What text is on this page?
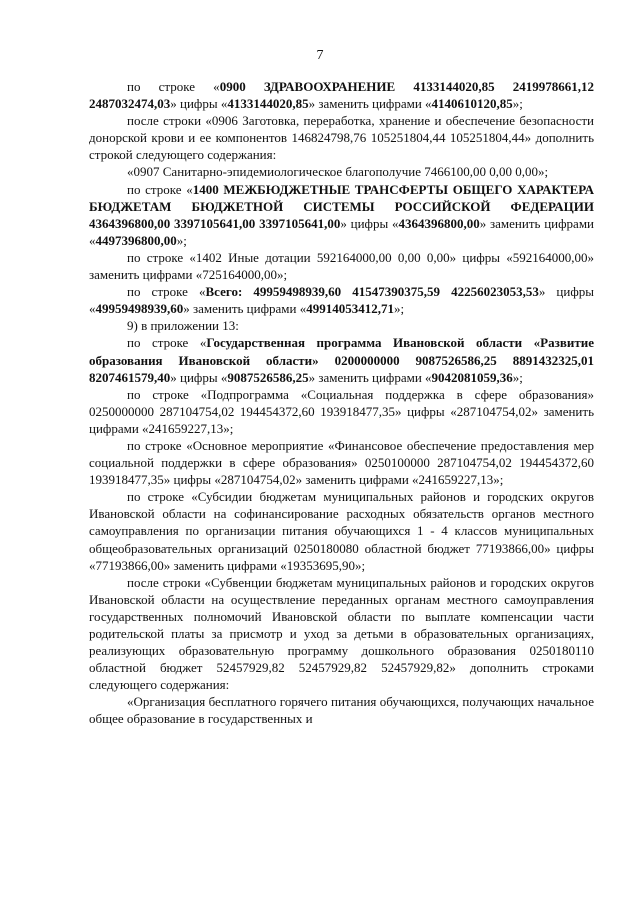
7

по строке «0900 ЗДРАВООХРАНЕНИЕ 4133144020,85 2419978661,12 2487032474,03» цифры «4133144020,85» заменить цифрами «4140610120,85»;

после строки «0906 Заготовка, переработка, хранение и обеспечение безопасности донорской крови и ее компонентов 146824798,76 105251804,44 105251804,44» дополнить строкой следующего содержания:

«0907 Санитарно-эпидемиологическое благополучие 7466100,00 0,00 0,00»;

по строке «1400 МЕЖБЮДЖЕТНЫЕ ТРАНСФЕРТЫ ОБЩЕГО ХАРАКТЕРА БЮДЖЕТАМ БЮДЖЕТНОЙ СИСТЕМЫ РОССИЙСКОЙ ФЕДЕРАЦИИ 4364396800,00 3397105641,00 3397105641,00» цифры «4364396800,00» заменить цифрами «4497396800,00»;

по строке «1402 Иные дотации 592164000,00 0,00 0,00» цифры «592164000,00» заменить цифрами «725164000,00»;

по строке «Всего: 49959498939,60 41547390375,59 42256023053,53» цифры «49959498939,60» заменить цифрами «49914053412,71»;

9) в приложении 13:

по строке «Государственная программа Ивановской области «Развитие образования Ивановской области» 0200000000 9087526586,25 8891432325,01 8207461579,40» цифры «9087526586,25» заменить цифрами «9042081059,36»;

по строке «Подпрограмма «Социальная поддержка в сфере образования» 0250000000 287104754,02 194454372,60 193918477,35» цифры «287104754,02» заменить цифрами «241659227,13»;

по строке «Основное мероприятие «Финансовое обеспечение предоставления мер социальной поддержки в сфере образования» 0250100000 287104754,02 194454372,60 193918477,35» цифры «287104754,02» заменить цифрами «241659227,13»;

по строке «Субсидии бюджетам муниципальных районов и городских округов Ивановской области на софинансирование расходных обязательств органов местного самоуправления по организации питания обучающихся 1 - 4 классов муниципальных общеобразовательных организаций 0250180080 областной бюджет 77193866,00» цифры «77193866,00» заменить цифрами «19353695,90»;

после строки «Субвенции бюджетам муниципальных районов и городских округов Ивановской области на осуществление переданных органам местного самоуправления государственных полномочий Ивановской области по выплате компенсации части родительской платы за присмотр и уход за детьми в образовательных организациях, реализующих образовательную программу дошкольного образования 0250180110 областной бюджет 52457929,82 52457929,82 52457929,82» дополнить строками следующего содержания:

«Организация бесплатного горячего питания обучающихся, получающих начальное общее образование в государственных и
